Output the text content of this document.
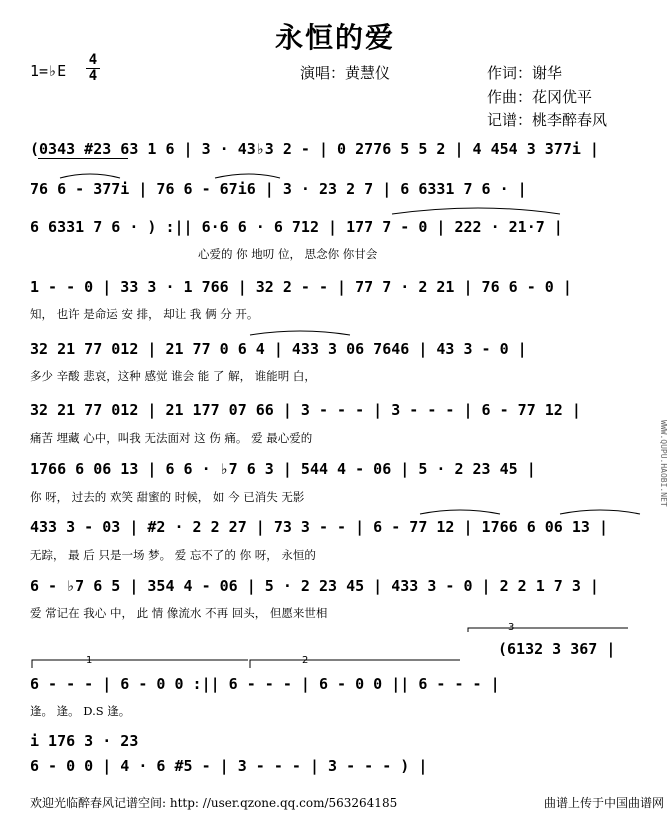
永恒的爱
1=♭E
4
4	演唱：黄慧仪	作词：谢华
作曲：花冈优平
记谱：桃李醉春风
(0343 #23 63 1 6 | 3 · 43♭3 2 - | 0 2776 5 5 2 | 4 454 3 377i |
76 6 - 377i | 76 6 - 67i6 | 3 · 23 2 7 | 6 6331 7 6 · |
6 6331 7 6 · ) :|| 6·6 6 · 6 712 | 177 7 - 0 | 222 · 21·7 |
心爱的 你 地叨 位， 思念你 你甘会
1 - - 0 | 33 3 · 1 766 | 32 2 - - | 77 7 · 2 21 | 76 6 - 0 |
知， 也许 是命运 安 排， 却让 我 俩 分 开。
32 21 77 012 | 21 77 0 6 4 | 433 3 06 7646 | 43 3 - 0 |
多少 辛酸 悲哀，这种 感觉 谁会 能 了 解， 谁能明 白，
32 21 77 012 | 21 177 07 66 | 3 - - - | 3 - - - | 6 - 77 12 |
痛苦 埋藏 心中，叫我 无法面对 这 伤 痛。 爱 最心爱的
1766 6 06 13 | 6 6 · ♭7 6 3 | 544 4 - 06 | 5 · 2 23 45 |
你 呀， 过去的 欢笑 甜蜜的 时候， 如 今 已消失 无影
433 3 - 03 | #2 · 2 2 27 | 73 3 - - | 6 - 77 12 | 1766 6 06 13 |
无踪， 最 后 只是一场 梦。 爱 忘不了的 你 呀， 永恒的
6 - ♭7 6 5 | 354 4 - 06 | 5 · 2 23 45 | 433 3 - 0 | 2 2 1 7 3 |
爱 常记在 我心 中， 此 情 像流水 不再 回头， 但愿来世相
(6132 3 367 |
3
1	2
6 - - - | 6 - 0 0 :|| 6 - - - | 6 - 0 0 || 6 - - - |
逢。 逢。 D.S 逢。
i 176 3 · 23
6 - 0 0 | 4 · 6 #5 - | 3 - - - | 3 - - - ) |
欢迎光临醉春风记谱空间: http: //user.qzone.qq.com/563264185	曲谱上传于中国曲谱网
WWW.QUPU.HAOBI.NET
